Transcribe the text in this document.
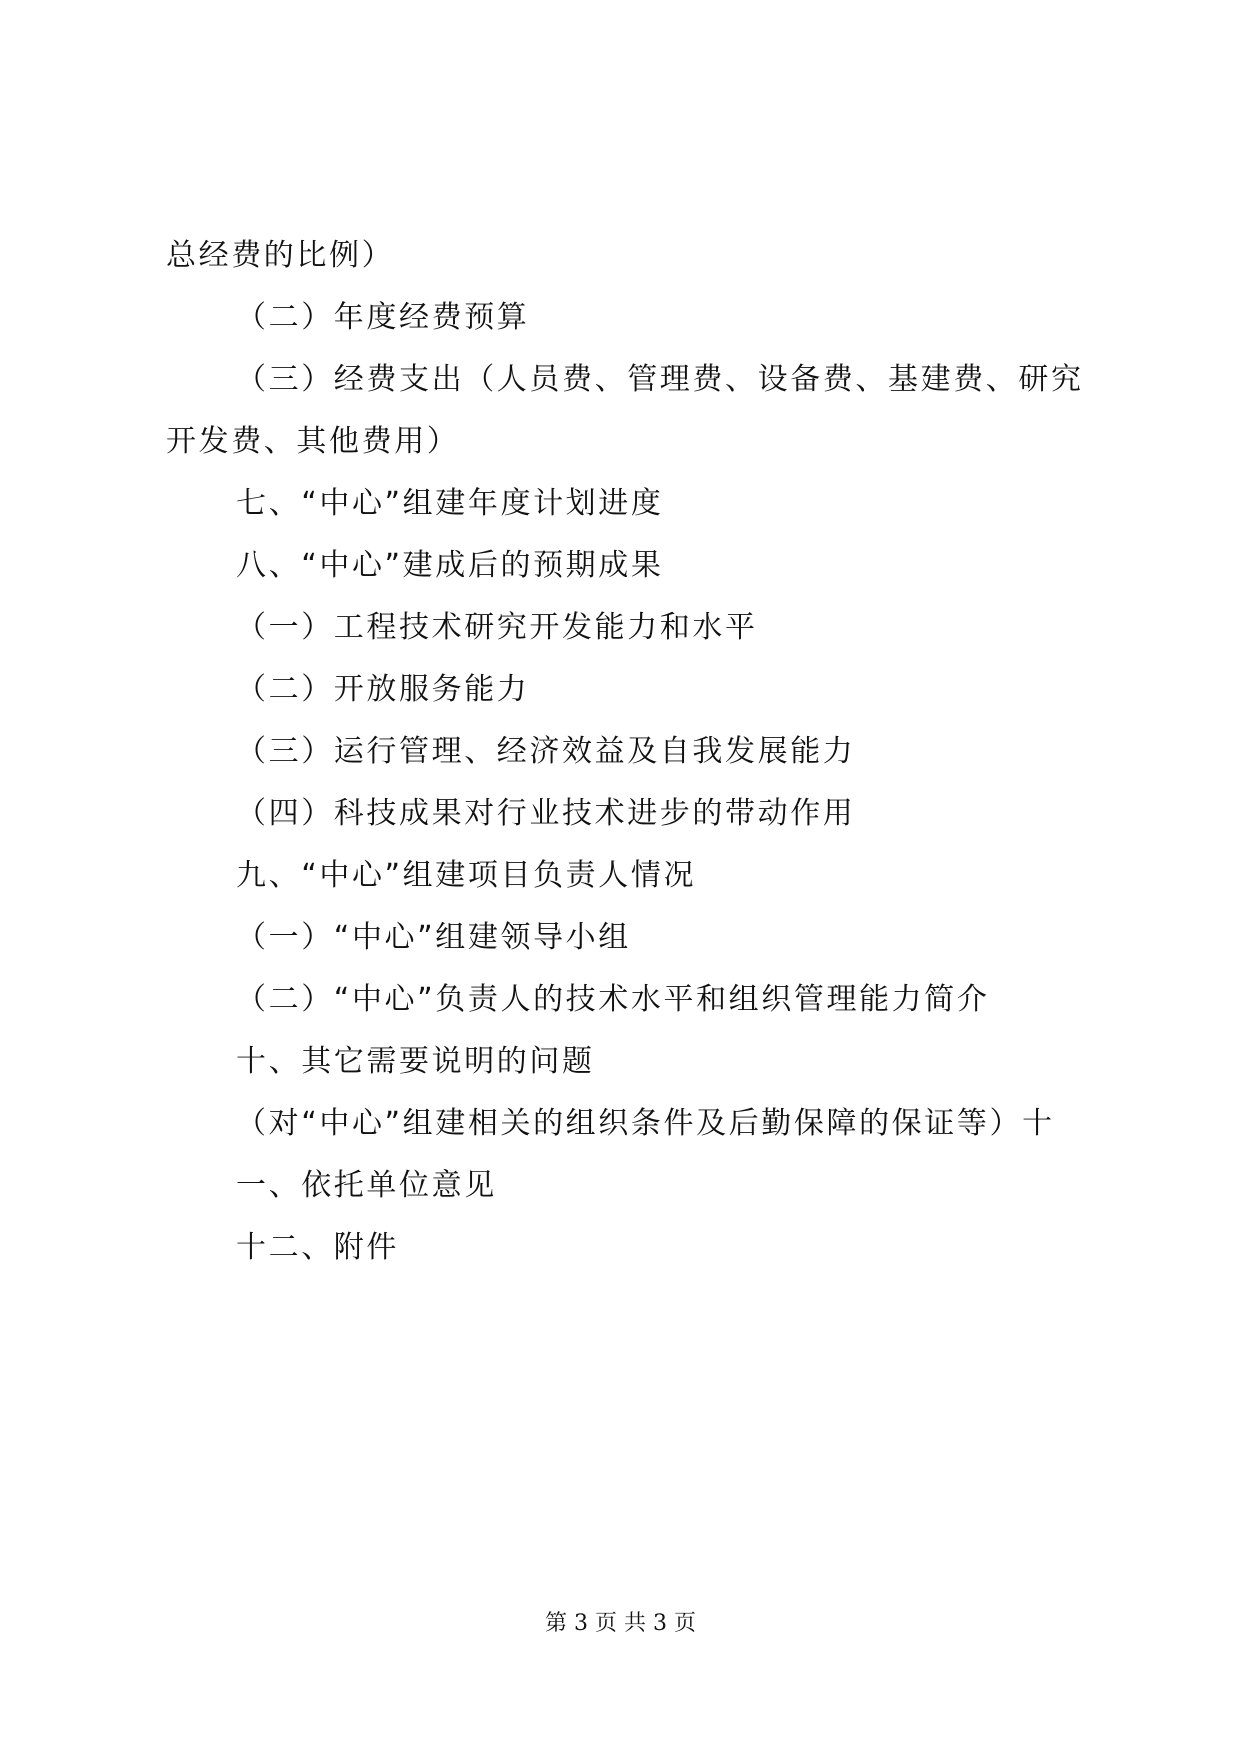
总经费的比例）
（二）年度经费预算
（三）经费支出（人员费、管理费、设备费、基建费、研究
开发费、其他费用）
七、“中心”组建年度计划进度
八、“中心”建成后的预期成果
（一）工程技术研究开发能力和水平
（二）开放服务能力
（三）运行管理、经济效益及自我发展能力
（四）科技成果对行业技术进步的带动作用
九、“中心”组建项目负责人情况
（一）“中心”组建领导小组
（二）“中心”负责人的技术水平和组织管理能力简介
十、其它需要说明的问题
（对“中心”组建相关的组织条件及后勤保障的保证等）十
一、依托单位意见
十二、附件
第 3 页 共 3 页
